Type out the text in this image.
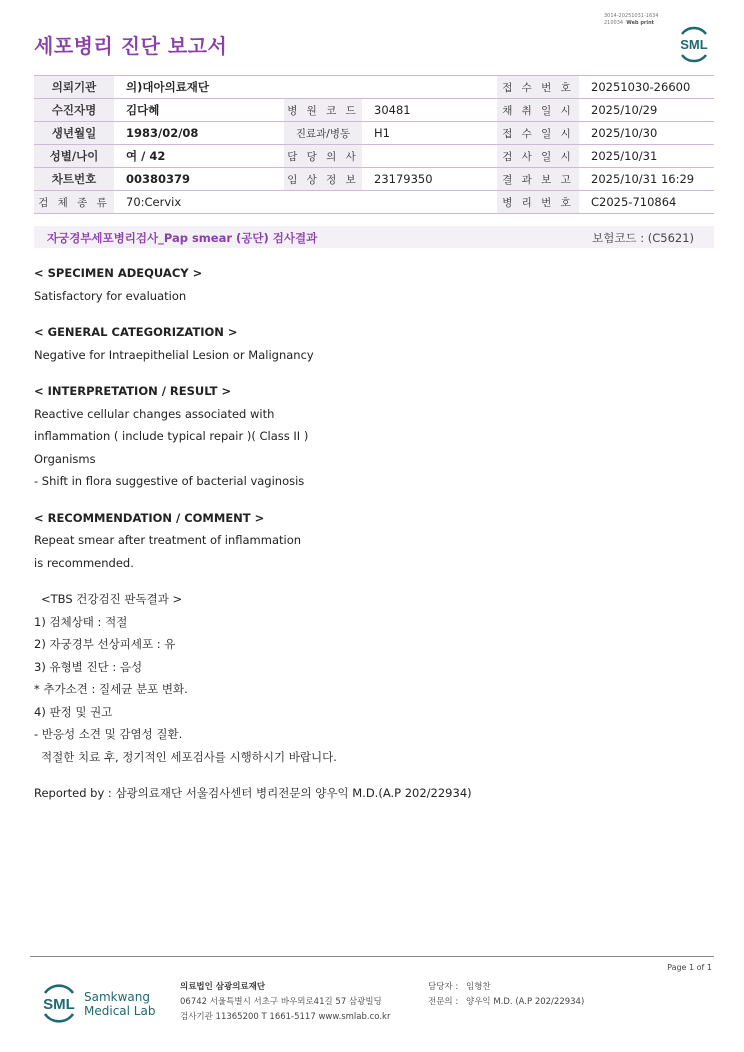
3014-20251031-1634
210034 Web print
세포병리 진단 보고서	SML
의뢰기관	의)대아의료재단			접 수 번 호	20251030-26600
수진자명	김다혜	병 원 코 드	30481	채 취 일 시	2025/10/29
생년월일	1983/02/08	진료과/병동	H1	접 수 일 시	2025/10/30
성별/나이	여 / 42	담 당 의 사		검 사 일 시	2025/10/31
차트번호	00380379	임 상 정 보	23179350	결 과 보 고	2025/10/31 16:29
검 체 종 류	70:Cervix			병 리 번 호	C2025-710864
자궁경부세포병리검사_Pap smear (공단) 검사결과	보험코드 : (C5621)
< SPECIMEN ADEQUACY >
Satisfactory for evaluation
< GENERAL CATEGORIZATION >
Negative for Intraepithelial Lesion or Malignancy
< INTERPRETATION / RESULT >
Reactive cellular changes associated with
inflammation ( include typical repair )( Class II )
Organisms
- Shift in flora suggestive of bacterial vaginosis
< RECOMMENDATION / COMMENT >
Repeat smear after treatment of inflammation
is recommended.
<TBS 건강검진 판독결과 >
1) 검체상태 : 적절
2) 자궁경부 선상피세포 : 유
3) 유형별 진단 : 음성
* 추가소견 : 질세균 분포 변화.
4) 판정 및 권고
- 반응성 소견 및 감염성 질환.
적절한 치료 후, 정기적인 세포검사를 시행하시기 바랍니다.
Reported by : 삼광의료재단 서울검사센터 병리전문의 양우익 M.D.(A.P 202/22934)
Page 1 of 1
SML Samkwang
Medical Lab
의료법인 삼광의료재단
06742 서울특별시 서초구 바우뫼로41길 57 삼광빌딩
검사기관 11365200 T 1661-5117 www.smlab.co.kr
담당자 : 임형찬
전문의 : 양우익 M.D. (A.P 202/22934)
